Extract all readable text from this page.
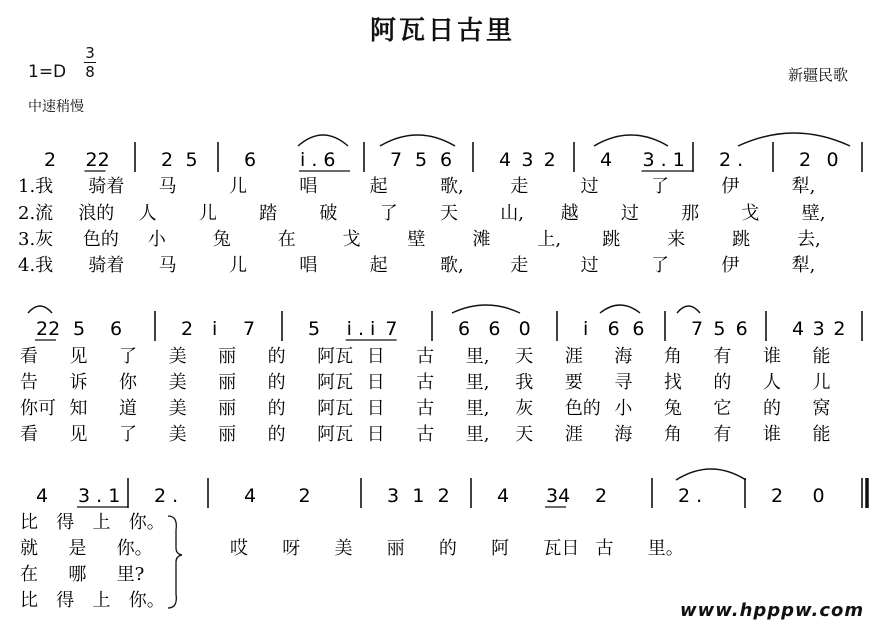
阿瓦日古里
1=D
3
8
中速稍慢
新疆民歌
2 22	2 5 6 i . 6	7 5 6 4 3 2 4 3 . 1 2 .	2 0
1.我 骑着 马	儿	唱	起	歌,	走	过	了	伊	犁,
2.流 浪的 人 儿 踏 破 了 天 山, 越 过 那 戈 壁,
3.灰 色的 小	兔	在	戈	壁	滩	上, 跳	来	跳	去,
4.我 骑着 马	儿	唱	起	歌,	走	过	了	伊	犁,
22 5 6	2 i 7	5 i . i 7	6 6 0	i 6 6 7 5 6 4 3 2
看 见 了 美 丽 的 阿瓦 日 古 里, 天 涯 海 角 有 谁 能
告 诉 你 美 丽 的 阿瓦 日 古 里, 我 要 寻 找 的 人 儿
你可 知 道 美 丽 的 阿瓦 日 古 里, 灰 色的 小 兔 它 的 窝
看 见 了 美 丽 的 阿瓦 日 古 里, 天 涯 海 角 有 谁 能
4 3 . 1 2 .	4 2	3 1 2 4 34 2	2 .	2 0
比 得 上 你。
就 是 你。
在 哪 里?
比 得 上 你。
哎 呀 美 丽 的 阿 瓦日 古 里。
www.hpppw.com
